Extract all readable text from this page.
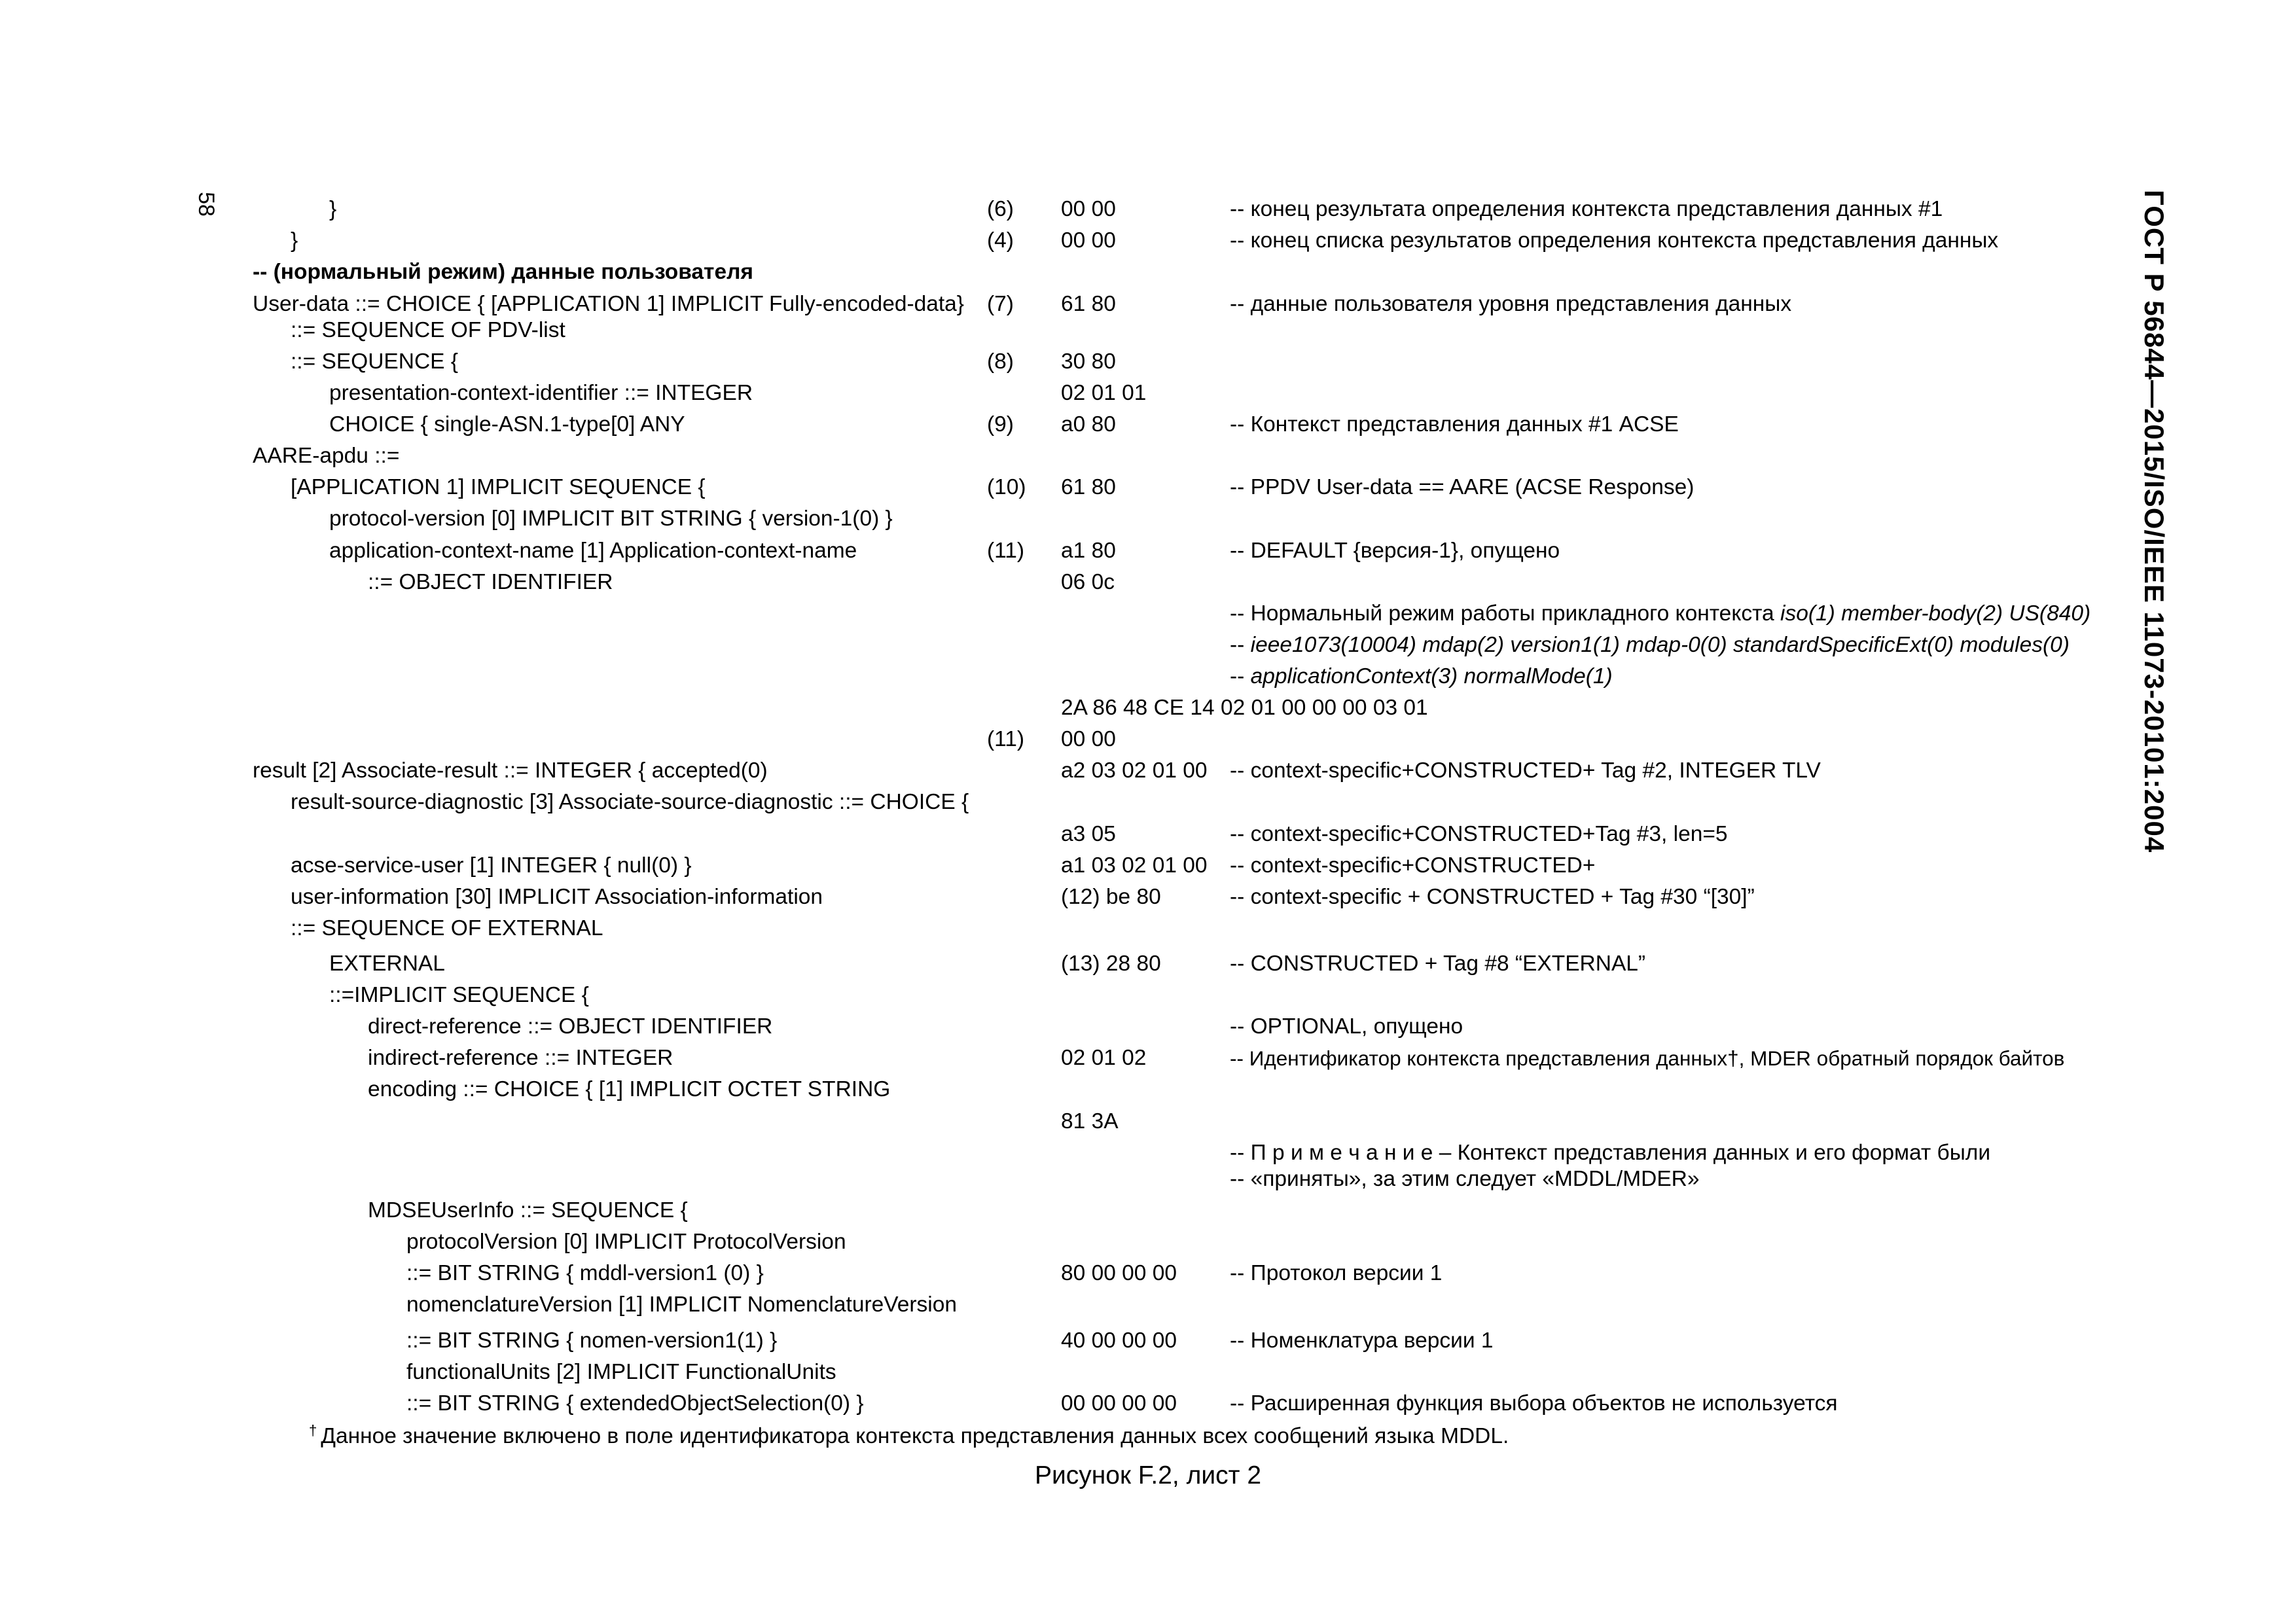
58	ГОСТ Р 56844—2015/ISO/IEEE 11073-20101:2004
}	(6) 00 00	-- конец результата определения контекста представления данных #1
}	(4) 00 00	-- конец списка результатов определения контекста представления данных
-- (нормальный режим) данные пользователя
User-data ::= CHOICE { [APPLICATION 1] IMPLICIT Fully-encoded-data} (7) 61 80	-- данные пользователя уровня представления данных
::= SEQUENCE OF PDV-list
::= SEQUENCE {	(8) 30 80
presentation-context-identifier ::= INTEGER	02 01 01
CHOICE { single-ASN.1-type[0] ANY	(9) a0 80	-- Контекст представления данных #1 ACSE
AARE-apdu ::=
[APPLICATION 1] IMPLICIT SEQUENCE {	(10) 61 80	-- PPDV User-data == AARE (ACSE Response)
protocol-version [0] IMPLICIT BIT STRING { version-1(0) }
application-context-name [1] Application-context-name	(11) a1 80	-- DEFAULT {версия-1}, опущено
::= OBJECT IDENTIFIER	06 0c
-- Нормальный режим работы прикладного контекста iso(1) member-body(2) US(840)
-- ieee1073(10004) mdap(2) version1(1) mdap-0(0) standardSpecificExt(0) modules(0)
-- applicationContext(3) normalMode(1)
2A 86 48 CE 14 02 01 00 00 00 03 01
(11) 00 00
result [2] Associate-result ::= INTEGER { accepted(0)	a2 03 02 01 00 -- context-specific+CONSTRUCTED+ Tag #2, INTEGER TLV
result-source-diagnostic [3] Associate-source-diagnostic ::= CHOICE {
a3 05	-- context-specific+CONSTRUCTED+Tag #3, len=5
acse-service-user [1] INTEGER { null(0) }	a1 03 02 01 00 -- context-specific+CONSTRUCTED+
user-information [30] IMPLICIT Association-information	(12) be 80	-- context-specific + CONSTRUCTED + Tag #30 “[30]”
::= SEQUENCE OF EXTERNAL
EXTERNAL	(13) 28 80	-- CONSTRUCTED + Tag #8 “EXTERNAL”
::=IMPLICIT SEQUENCE {
direct-reference ::= OBJECT IDENTIFIER	-- OPTIONAL, опущено
indirect-reference ::= INTEGER	02 01 02	-- Идентификатор контекста представления данных†, MDER обратный порядок байтов
encoding ::= CHOICE { [1] IMPLICIT OCTET STRING
81 3A
-- П р и м е ч а н и е – Контекст представления данных и его формат были
-- «приняты», за этим следует «MDDL/MDER»
MDSEUserInfo ::= SEQUENCE {
protocolVersion [0] IMPLICIT ProtocolVersion
::= BIT STRING { mddl-version1 (0) }	80 00 00 00 -- Протокол версии 1
nomenclatureVersion [1] IMPLICIT NomenclatureVersion
::= BIT STRING { nomen-version1(1) }	40 00 00 00 -- Номенклатура версии 1
functionalUnits [2] IMPLICIT FunctionalUnits
::= BIT STRING { extendedObjectSelection(0) }	00 00 00 00 -- Расширенная функция выбора объектов не используется
† Данное значение включено в поле идентификатора контекста представления данных всех сообщений языка MDDL.
Рисунок F.2, лист 2
